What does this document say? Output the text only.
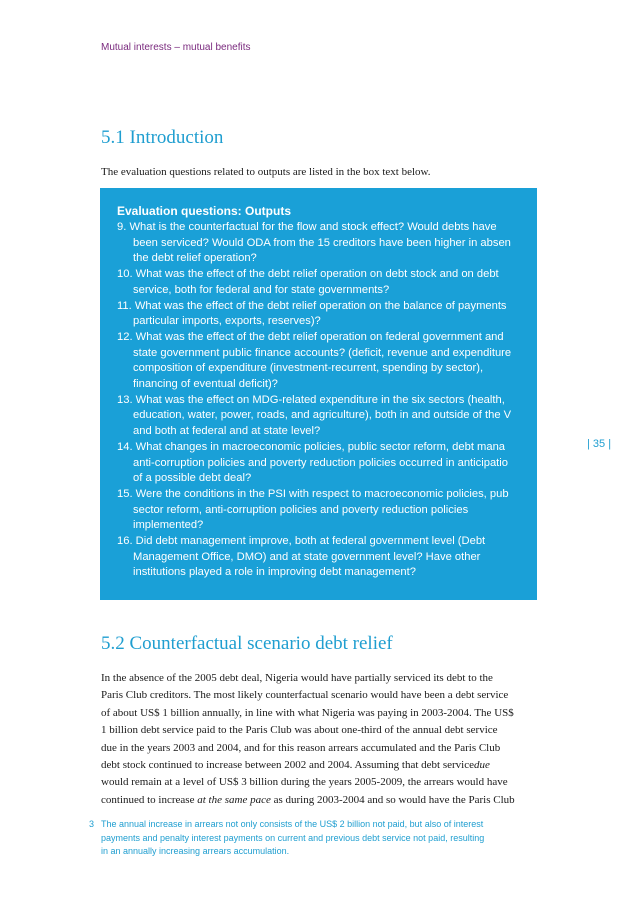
Mutual interests – mutual benefits
5.1 Introduction

The evaluation questions related to outputs are listed in the box text below.

Evaluation questions: Outputs
9. What is the counterfactual for the flow and stock effect? Would debts have
been serviced? Would ODA from the 15 creditors have been higher in absen
the debt relief operation?
10. What was the effect of the debt relief operation on debt stock and on debt
service, both for federal and for state governments?
11. What was the effect of the debt relief operation on the balance of payments
particular imports, exports, reserves)?
12. What was the effect of the debt relief operation on federal government and
state government public finance accounts? (deficit, revenue and expenditure
composition of expenditure (investment-recurrent, spending by sector),
financing of eventual deficit)?
13. What was the effect on MDG-related expenditure in the six sectors (health,
education, water, power, roads, and agriculture), both in and outside of the V
and both at federal and at state level?
14. What changes in macroeconomic policies, public sector reform, debt mana
anti-corruption policies and poverty reduction policies occurred in anticipatio
of a possible debt deal?
15. Were the conditions in the PSI with respect to macroeconomic policies, pub
sector reform, anti-corruption policies and poverty reduction policies
implemented?
16. Did debt management improve, both at federal government level (Debt
Management Office, DMO) and at state government level? Have other
institutions played a role in improving debt management?
| 35 |
5.2 Counterfactual scenario debt relief

In the absence of the 2005 debt deal, Nigeria would have partially serviced its debt to the
Paris Club creditors. The most likely counterfactual scenario would have been a debt service
of about US$ 1 billion annually, in line with what Nigeria was paying in 2003-2004. The US$
1 billion debt service paid to the Paris Club was about one-third of the annual debt service
due in the years 2003 and 2004, and for this reason arrears accumulated and the Paris Club
debt stock continued to increase between 2002 and 2004. Assuming that debt servicedue
would remain at a level of US$ 3 billion during the years 2005-2009, the arrears would have
continued to increase at the same pace as during 2003-2004 and so would have the Paris Club

3 The annual increase in arrears not only consists of the US$ 2 billion not paid, but also of interest
payments and penalty interest payments on current and previous debt service not paid, resulting
in an annually increasing arrears accumulation.
